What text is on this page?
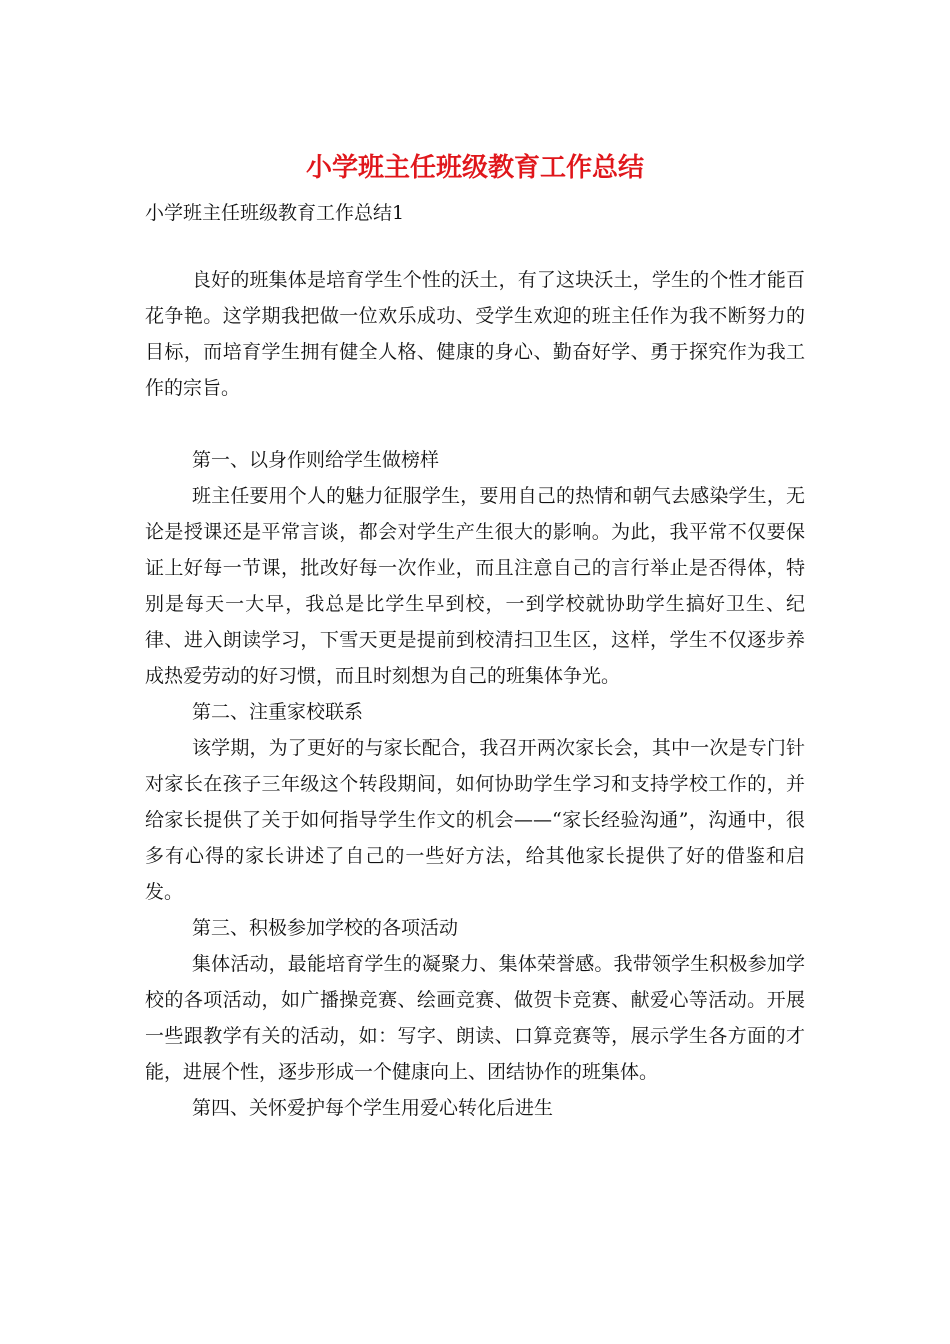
小学班主任班级教育工作总结

小学班主任班级教育工作总结1

良好的班集体是培育学生个性的沃土，有了这块沃土，学生的个性才能百花争艳。这学期我把做一位欢乐成功、受学生欢迎的班主任作为我不断努力的目标，而培育学生拥有健全人格、健康的身心、勤奋好学、勇于探究作为我工作的宗旨。

第一、以身作则给学生做榜样

班主任要用个人的魅力征服学生，要用自己的热情和朝气去感染学生，无论是授课还是平常言谈，都会对学生产生很大的影响。为此，我平常不仅要保证上好每一节课，批改好每一次作业，而且注意自己的言行举止是否得体，特别是每天一大早，我总是比学生早到校，一到学校就协助学生搞好卫生、纪律、进入朗读学习，下雪天更是提前到校清扫卫生区，这样，学生不仅逐步养成热爱劳动的好习惯，而且时刻想为自己的班集体争光。

第二、注重家校联系

该学期，为了更好的与家长配合，我召开两次家长会，其中一次是专门针对家长在孩子三年级这个转段期间，如何协助学生学习和支持学校工作的，并给家长提供了关于如何指导学生作文的机会——“家长经验沟通”，沟通中，很多有心得的家长讲述了自己的一些好方法，给其他家长提供了好的借鉴和启发。

第三、积极参加学校的各项活动

集体活动，最能培育学生的凝聚力、集体荣誉感。我带领学生积极参加学校的各项活动，如广播操竞赛、绘画竞赛、做贺卡竞赛、献爱心等活动。开展一些跟教学有关的活动，如：写字、朗读、口算竞赛等，展示学生各方面的才能，进展个性，逐步形成一个健康向上、团结协作的班集体。

第四、关怀爱护每个学生用爱心转化后进生
